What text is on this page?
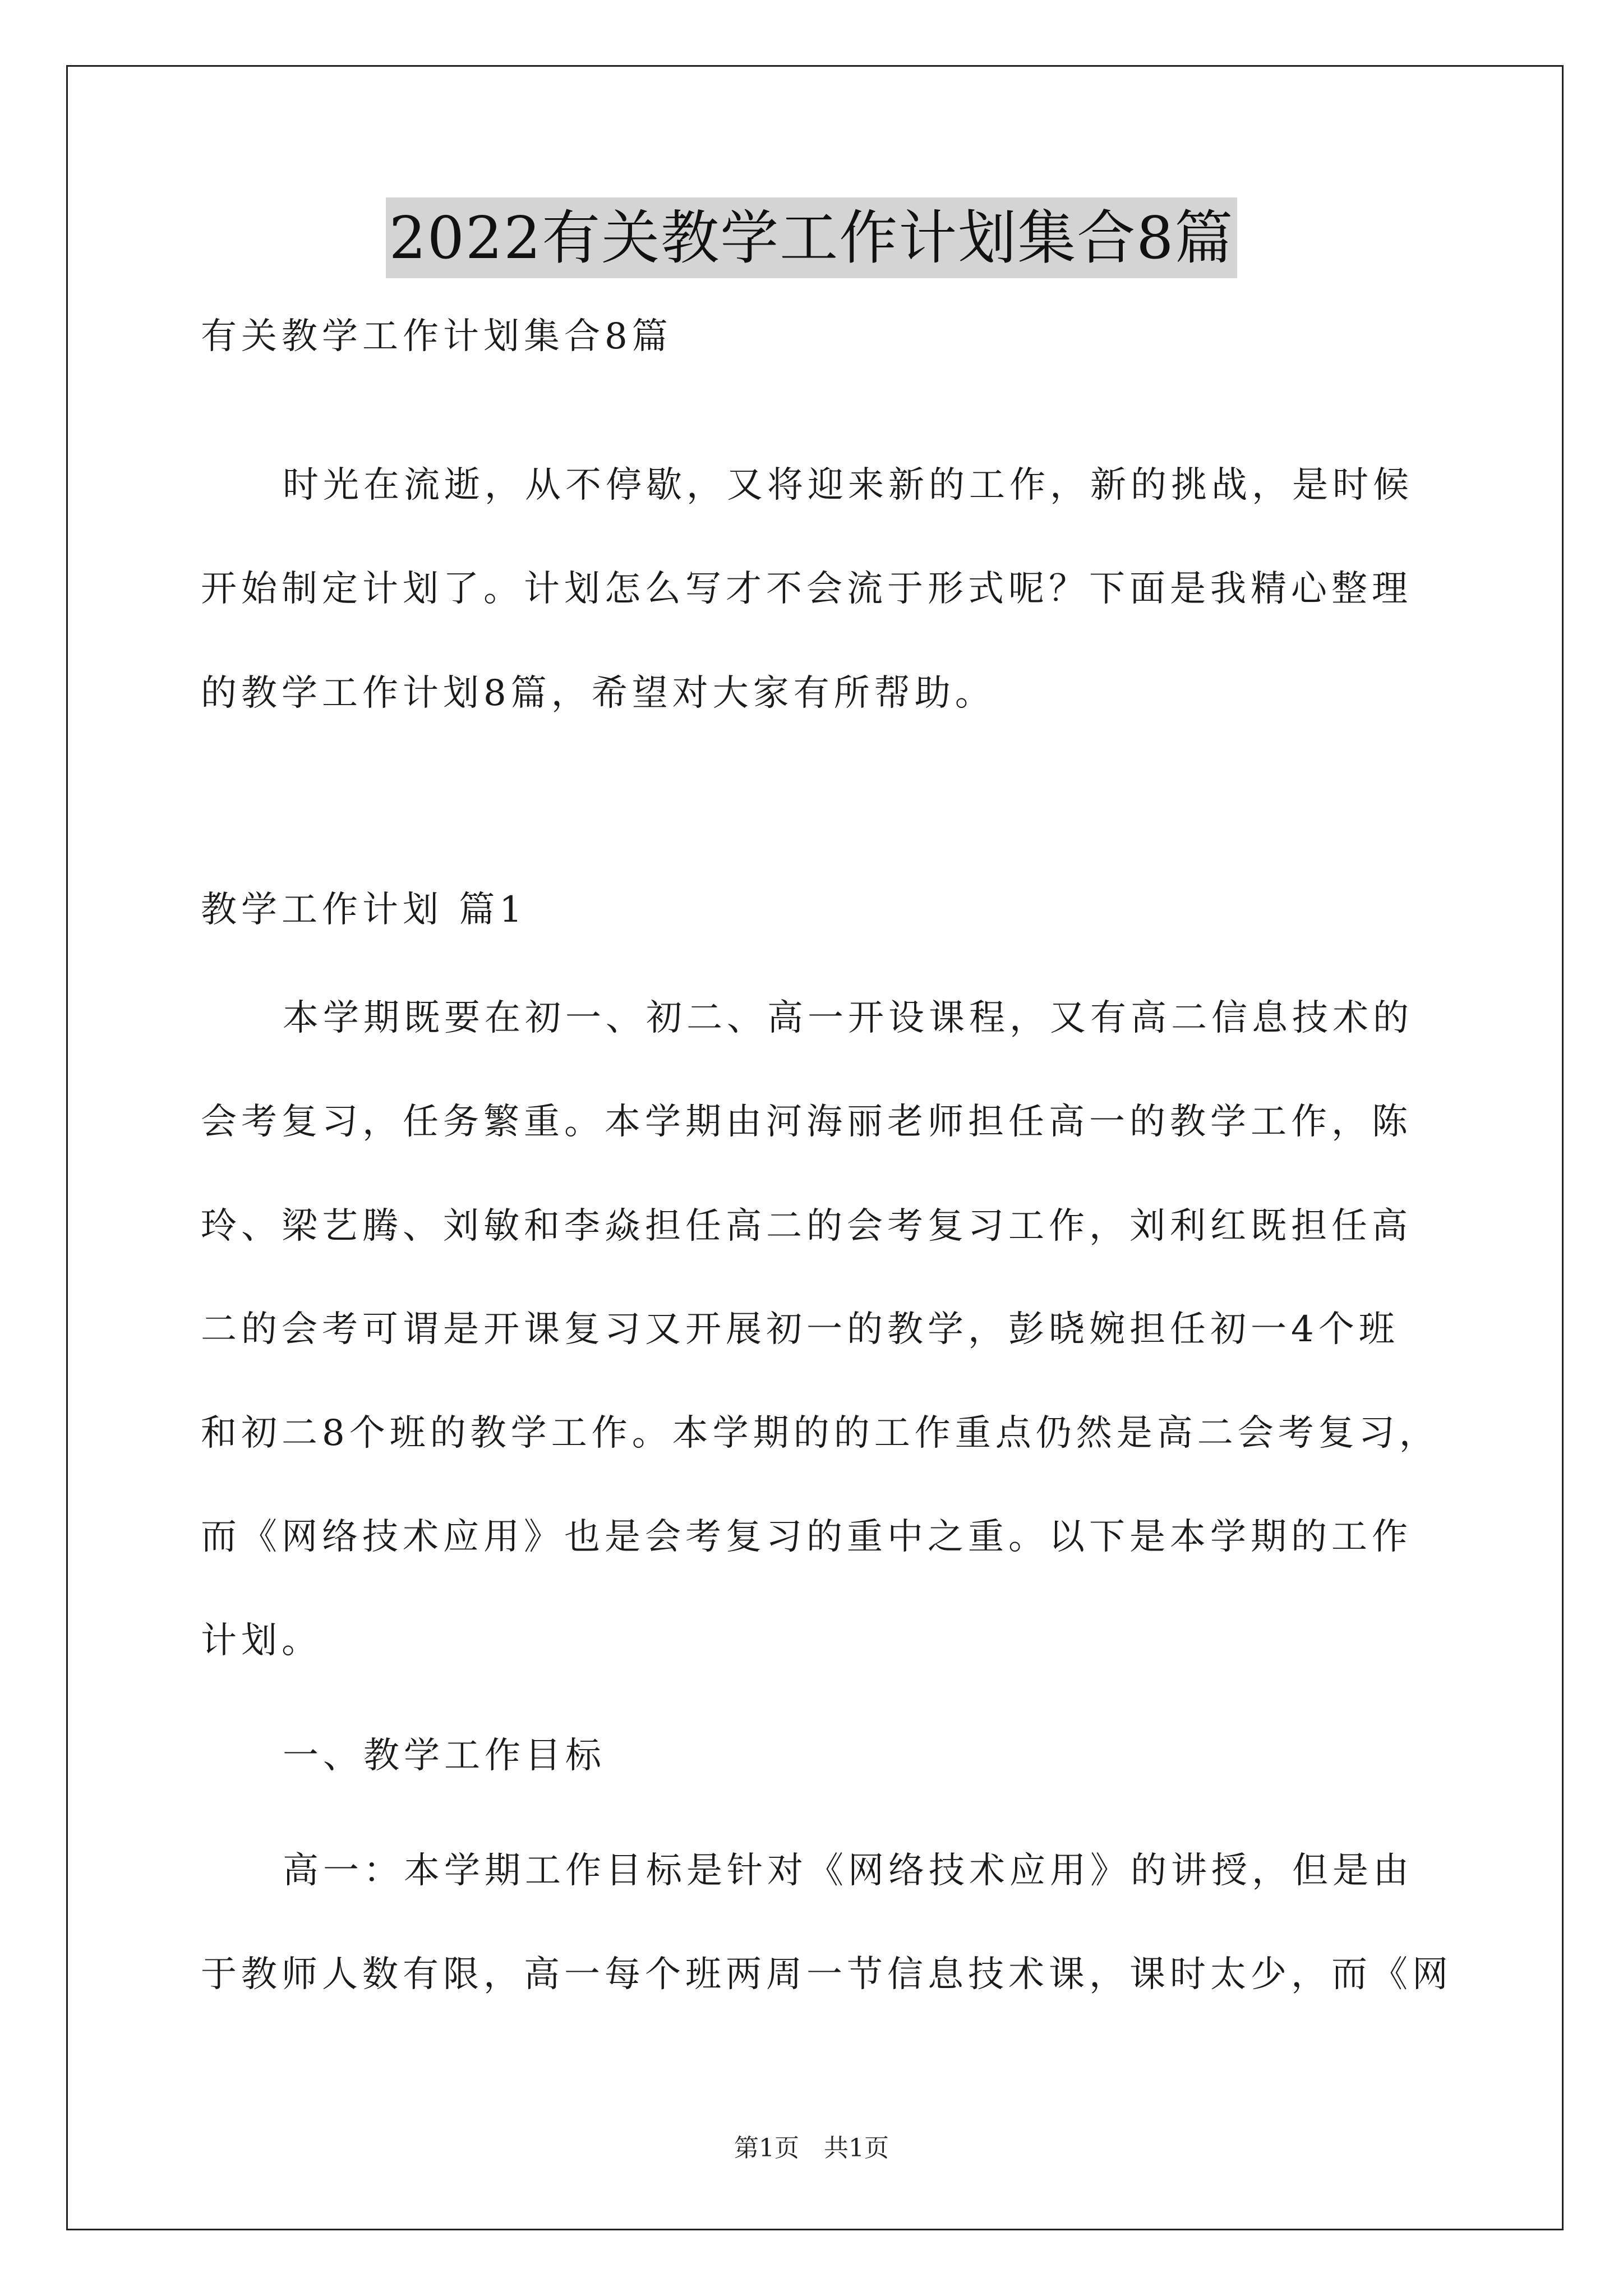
2022有关教学工作计划集合8篇
有关教学工作计划集合8篇
时光在流逝，从不停歇，又将迎来新的工作，新的挑战，是时候
开始制定计划了。计划怎么写才不会流于形式呢？下面是我精心整理
的教学工作计划8篇，希望对大家有所帮助。
教学工作计划 篇1
本学期既要在初一、初二、高一开设课程，又有高二信息技术的
会考复习，任务繁重。本学期由河海丽老师担任高一的教学工作，陈
玲、梁艺腾、刘敏和李焱担任高二的会考复习工作，刘利红既担任高
二的会考可谓是开课复习又开展初一的教学，彭晓婉担任初一4个班
和初二8个班的教学工作。本学期的的工作重点仍然是高二会考复习，
而《网络技术应用》也是会考复习的重中之重。以下是本学期的工作
计划。
一、教学工作目标
高一：本学期工作目标是针对《网络技术应用》的讲授，但是由
于教师人数有限，高一每个班两周一节信息技术课，课时太少，而《网
第1页　共1页
